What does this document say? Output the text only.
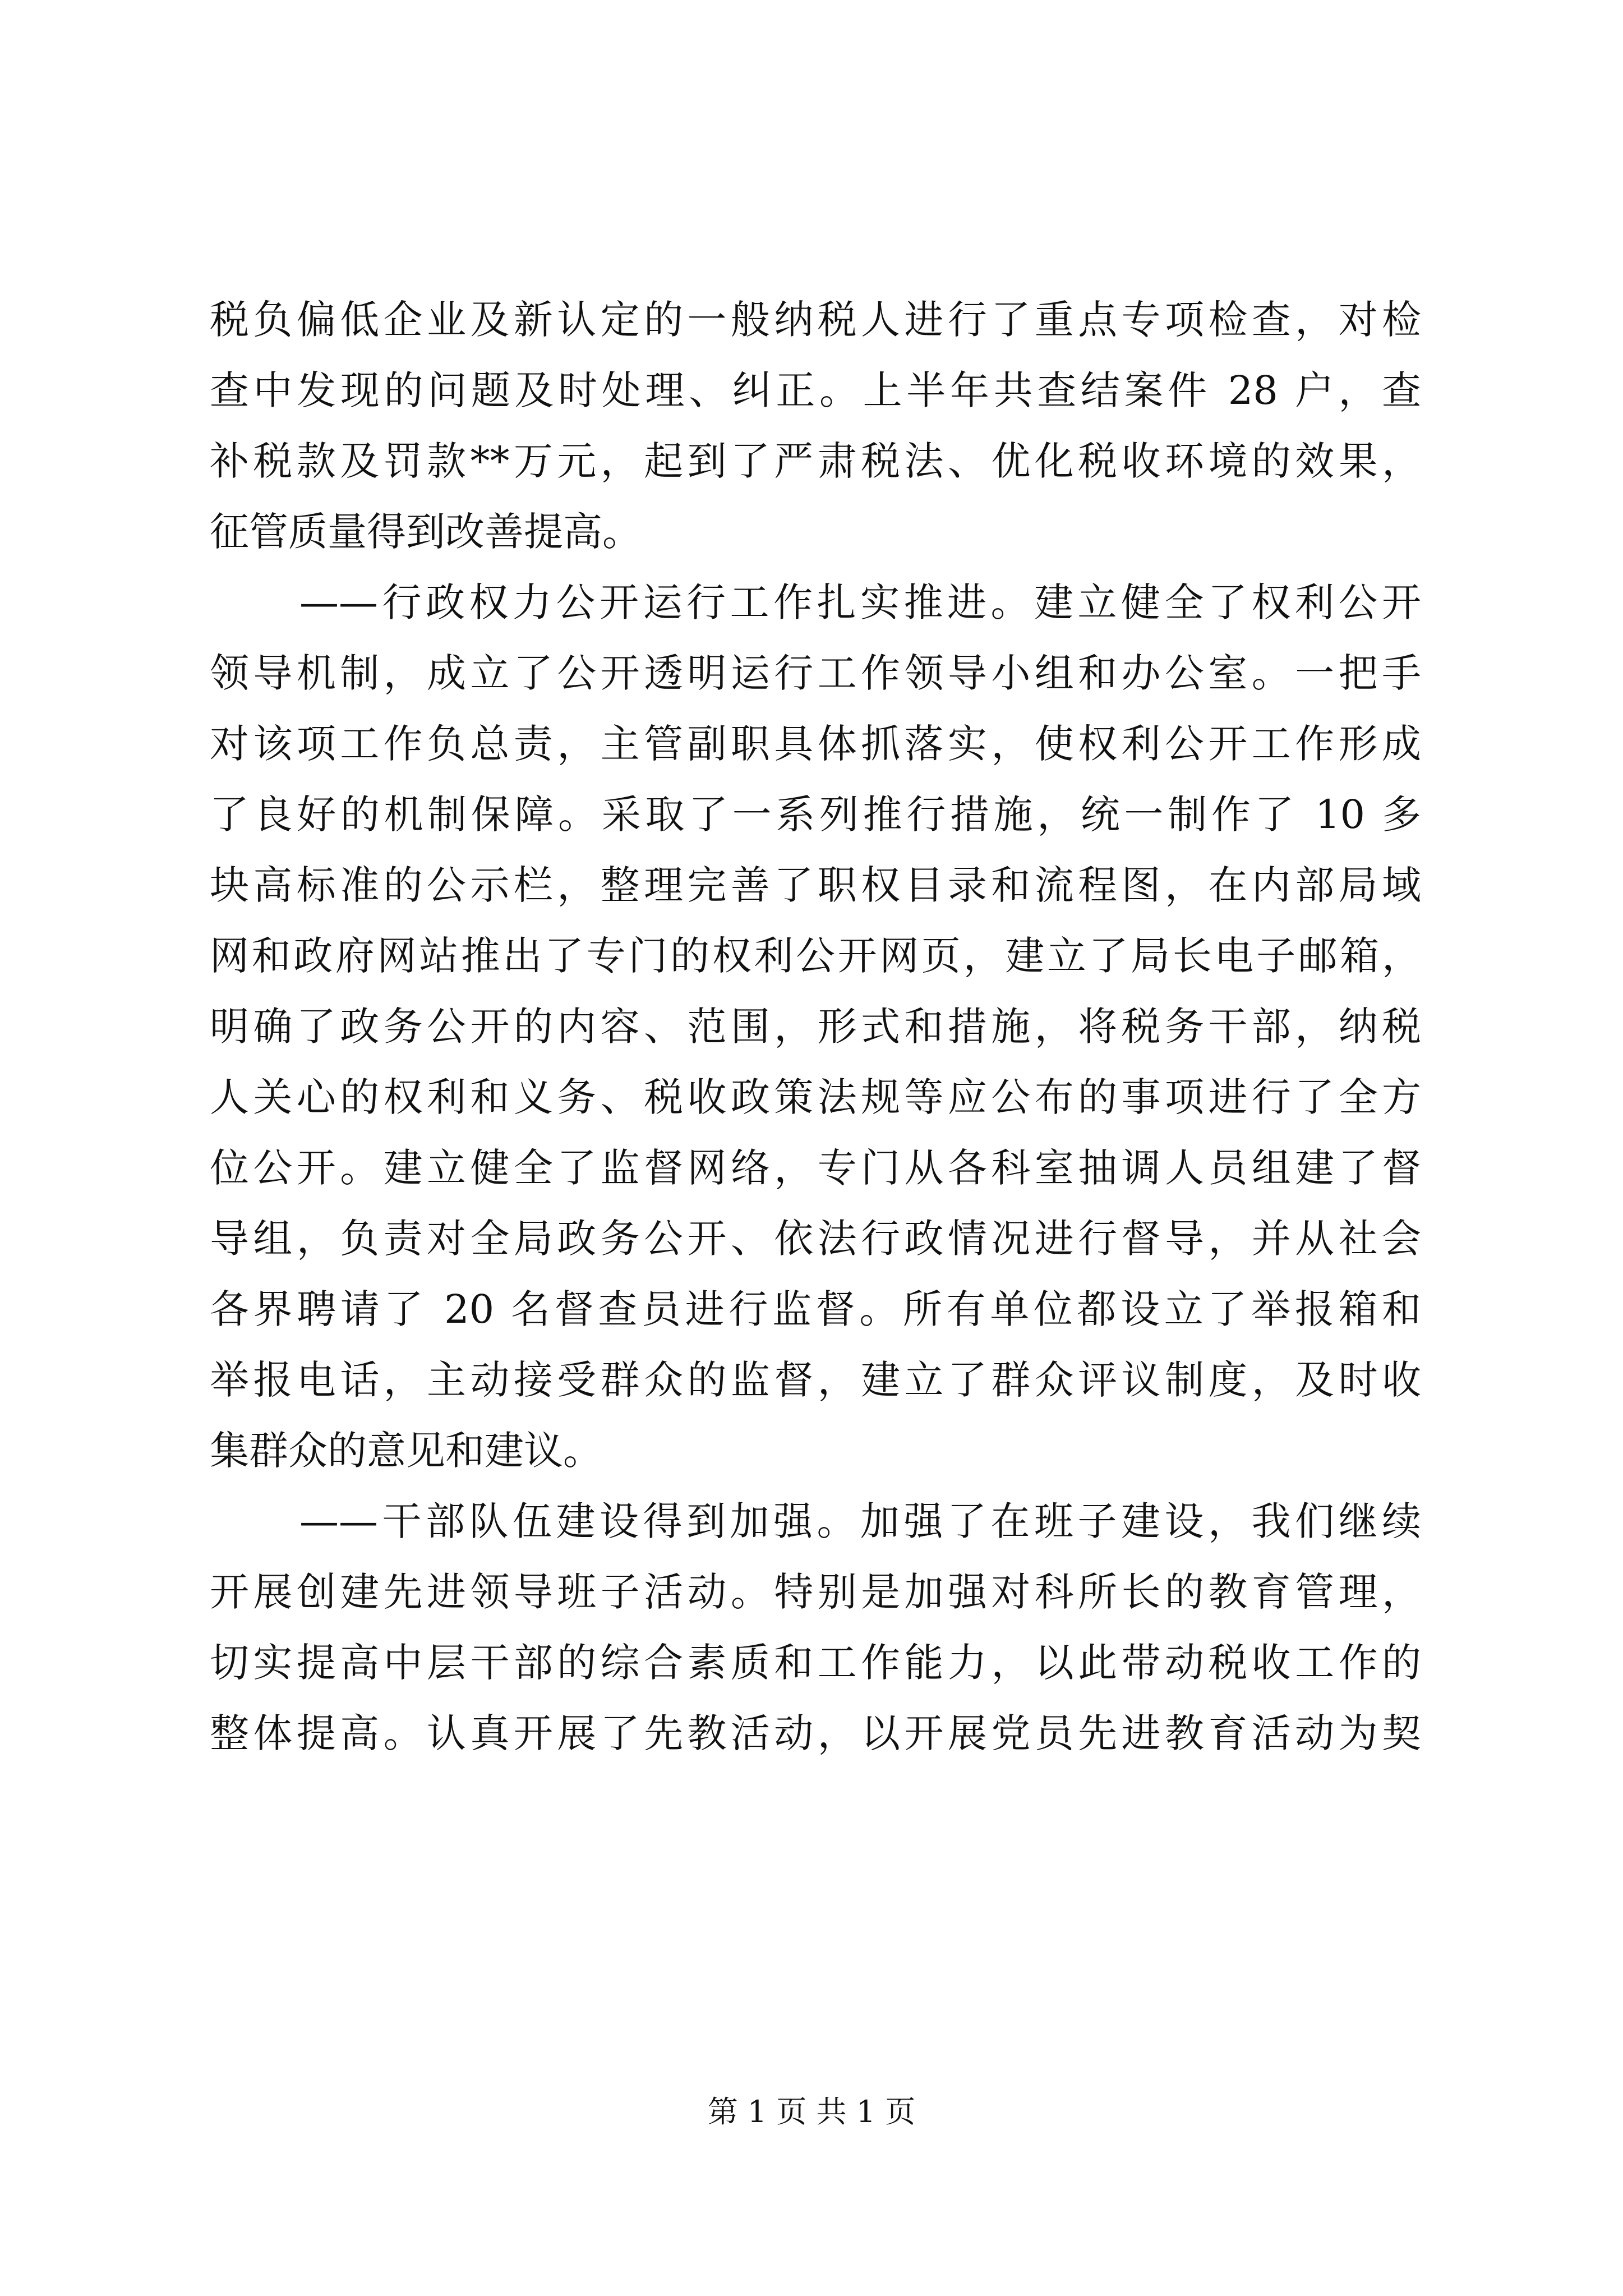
税负偏低企业及新认定的一般纳税人进行了重点专项检查，对检
查中发现的问题及时处理、纠正。上半年共查结案件 28 户，查
补税款及罚款**万元，起到了严肃税法、优化税收环境的效果，
征管质量得到改善提高。
——行政权力公开运行工作扎实推进。建立健全了权利公开
领导机制，成立了公开透明运行工作领导小组和办公室。一把手
对该项工作负总责，主管副职具体抓落实，使权利公开工作形成
了良好的机制保障。采取了一系列推行措施，统一制作了 10 多
块高标准的公示栏，整理完善了职权目录和流程图，在内部局域
网和政府网站推出了专门的权利公开网页，建立了局长电子邮箱，
明确了政务公开的内容、范围，形式和措施，将税务干部，纳税
人关心的权利和义务、税收政策法规等应公布的事项进行了全方
位公开。建立健全了监督网络，专门从各科室抽调人员组建了督
导组，负责对全局政务公开、依法行政情况进行督导，并从社会
各界聘请了 20 名督查员进行监督。所有单位都设立了举报箱和
举报电话，主动接受群众的监督，建立了群众评议制度，及时收
集群众的意见和建议。
——干部队伍建设得到加强。加强了在班子建设，我们继续
开展创建先进领导班子活动。特别是加强对科所长的教育管理，
切实提高中层干部的综合素质和工作能力，以此带动税收工作的
整体提高。认真开展了先教活动，以开展党员先进教育活动为契
第 1 页 共 1 页
